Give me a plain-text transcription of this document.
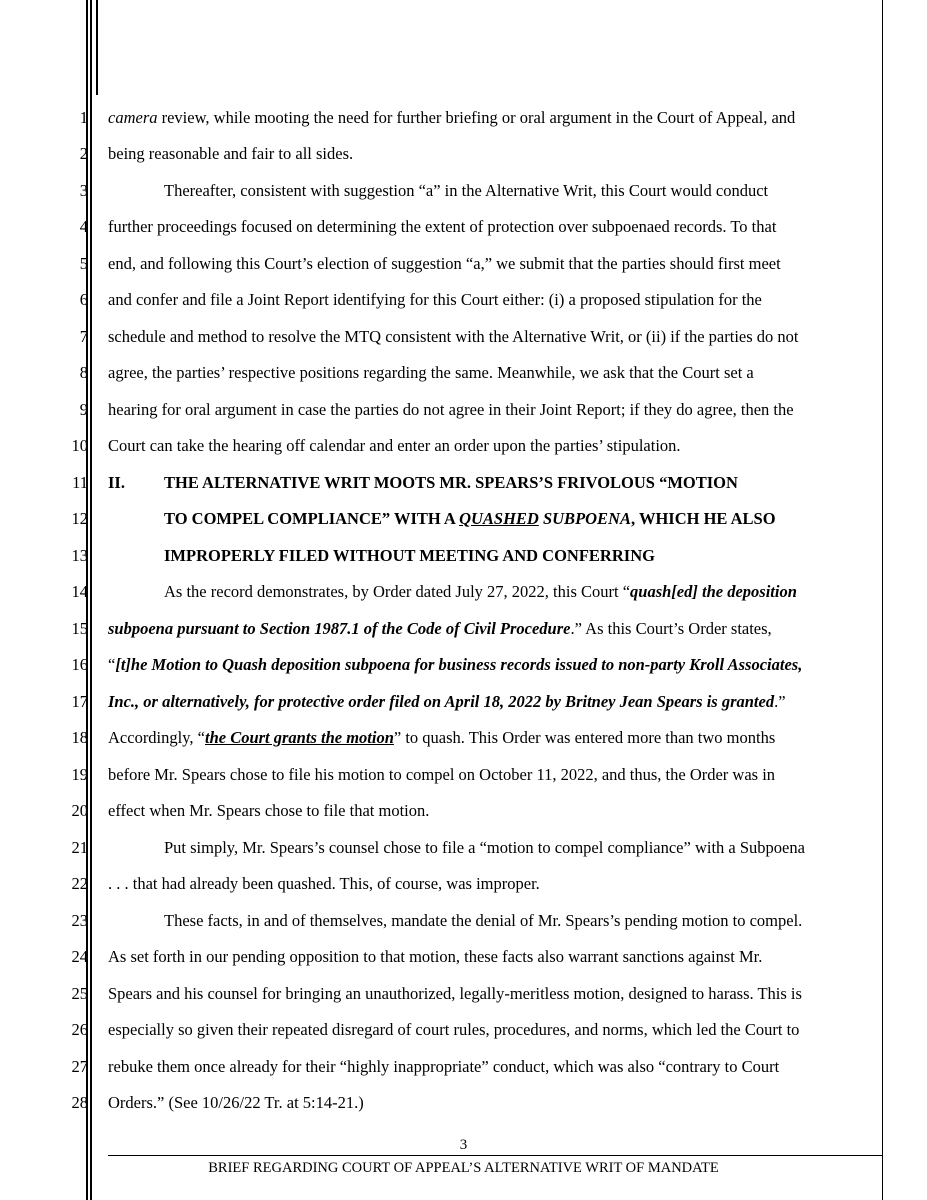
1
2
3
4
5
6
7
8
9
10
11
12
13
14
15
16
17
18
19
20
21
22
23
24
25
26
27
28
camera review, while mooting the need for further briefing or oral argument in the Court of Appeal, and
being reasonable and fair to all sides.
Thereafter, consistent with suggestion “a” in the Alternative Writ, this Court would conduct
further proceedings focused on determining the extent of protection over subpoenaed records. To that
end, and following this Court’s election of suggestion “a,” we submit that the parties should first meet
and confer and file a Joint Report identifying for this Court either: (i) a proposed stipulation for the
schedule and method to resolve the MTQ consistent with the Alternative Writ, or (ii) if the parties do not
agree, the parties’ respective positions regarding the same. Meanwhile, we ask that the Court set a
hearing for oral argument in case the parties do not agree in their Joint Report; if they do agree, then the
Court can take the hearing off calendar and enter an order upon the parties’ stipulation.
II. THE ALTERNATIVE WRIT MOOTS MR. SPEARS’S FRIVOLOUS “MOTION
TO COMPEL COMPLIANCE” WITH A QUASHED SUBPOENA, WHICH HE ALSO
IMPROPERLY FILED WITHOUT MEETING AND CONFERRING
As the record demonstrates, by Order dated July 27, 2022, this Court “quash[ed] the deposition
subpoena pursuant to Section 1987.1 of the Code of Civil Procedure.” As this Court’s Order states,
“[t]he Motion to Quash deposition subpoena for business records issued to non-party Kroll Associates,
Inc., or alternatively, for protective order filed on April 18, 2022 by Britney Jean Spears is granted.”
Accordingly, “the Court grants the motion” to quash. This Order was entered more than two months
before Mr. Spears chose to file his motion to compel on October 11, 2022, and thus, the Order was in
effect when Mr. Spears chose to file that motion.
Put simply, Mr. Spears’s counsel chose to file a “motion to compel compliance” with a Subpoena
. . . that had already been quashed. This, of course, was improper.
These facts, in and of themselves, mandate the denial of Mr. Spears’s pending motion to compel.
As set forth in our pending opposition to that motion, these facts also warrant sanctions against Mr.
Spears and his counsel for bringing an unauthorized, legally-meritless motion, designed to harass. This is
especially so given their repeated disregard of court rules, procedures, and norms, which led the Court to
rebuke them once already for their “highly inappropriate” conduct, which was also “contrary to Court
Orders.” (See 10/26/22 Tr. at 5:14-21.)
3
BRIEF REGARDING COURT OF APPEAL’S ALTERNATIVE WRIT OF MANDATE
